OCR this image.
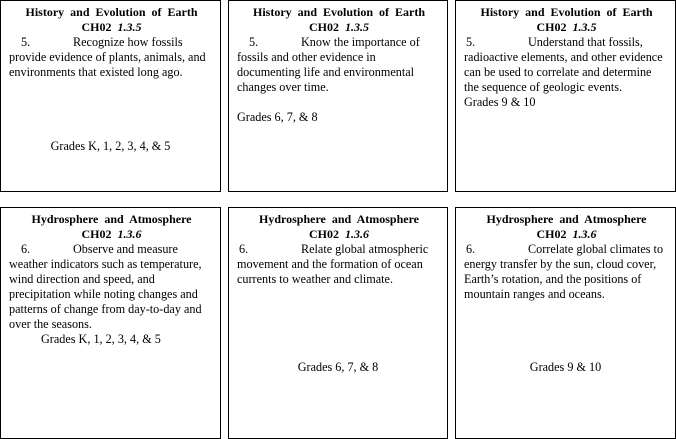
History and Evolution of Earth
CH02 1.3.5

5.	Recognize how fossils provide evidence of plants, animals, and environments that existed long ago.

Grades K, 1, 2, 3, 4, & 5
History and Evolution of Earth
CH02 1.3.5

5.	Know the importance of fossils and other evidence in documenting life and environmental changes over time.

Grades 6, 7, & 8
History and Evolution of Earth
CH02 1.3.5

5.	Understand that fossils, radioactive elements, and other evidence can be used to correlate and determine the sequence of geologic events.

Grades 9 & 10
Hydrosphere and Atmosphere
CH02 1.3.6

6.	Observe and measure weather indicators such as temperature, wind direction and speed, and precipitation while noting changes and patterns of change from day-to-day and over the seasons.

Grades K, 1, 2, 3, 4, & 5
Hydrosphere and Atmosphere
CH02 1.3.6

6.	Relate global atmospheric movement and the formation of ocean currents to weather and climate.

Grades 6, 7, & 8
Hydrosphere and Atmosphere
CH02 1.3.6

6.	Correlate global climates to energy transfer by the sun, cloud cover, Earth’s rotation, and the positions of mountain ranges and oceans.

Grades 9 & 10
